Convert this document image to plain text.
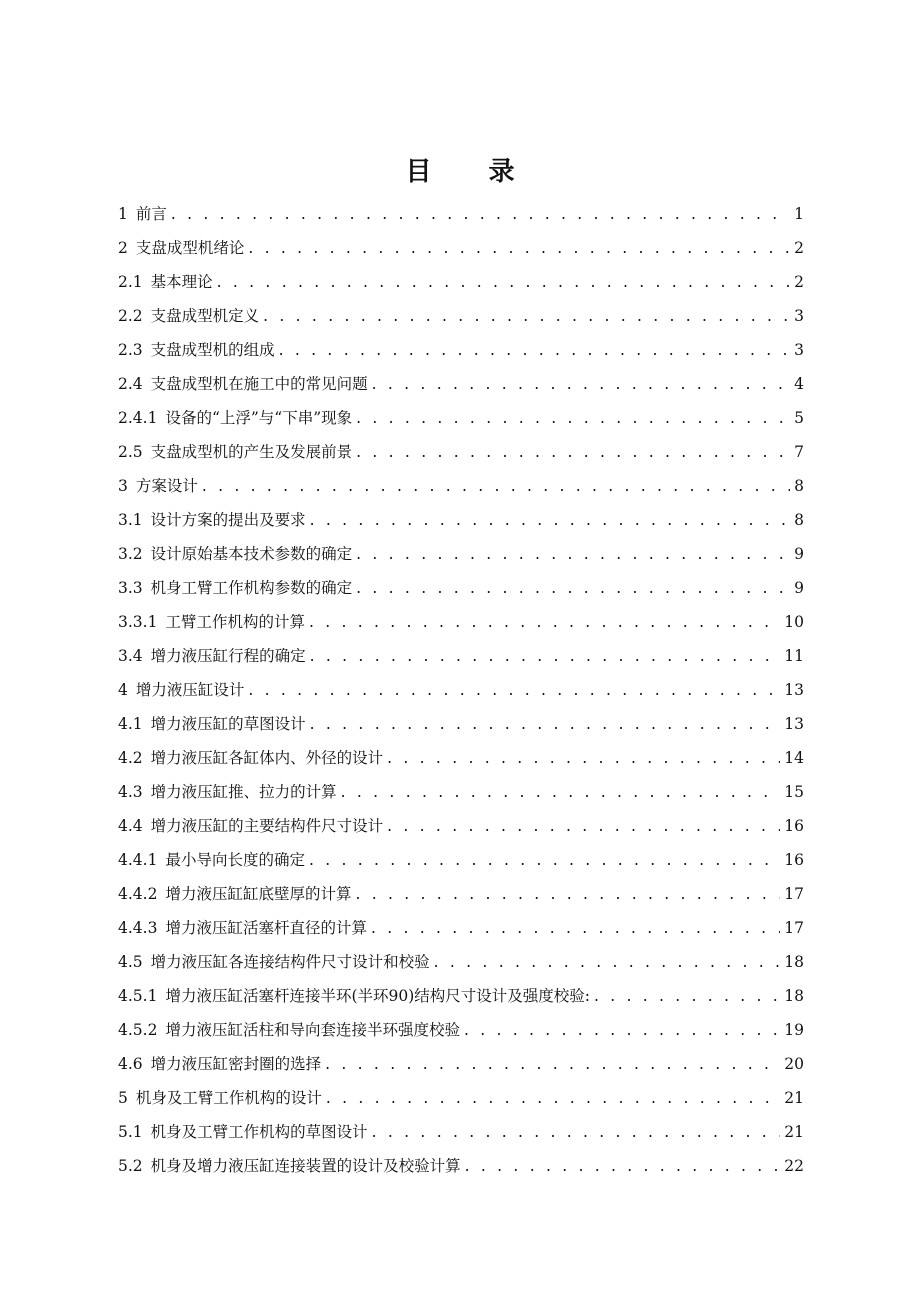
目 录
1 前言 . . .	1
2 支盘成型机绪论 . . .	2
2.1 基本理论 . . .	2
2.2 支盘成型机定义 . . .	3
2.3 支盘成型机的组成 . . .	3
2.4 支盘成型机在施工中的常见问题 . . .	4
2.4.1 设备的“上浮”与“下串”现象 . . .	5
2.5 支盘成型机的产生及发展前景 . . .	7
3 方案设计 . . .	8
3.1 设计方案的提出及要求 . . .	8
3.2 设计原始基本技术参数的确定 . . .	9
3.3 机身工臂工作机构参数的确定 . . .	9
3.3.1 工臂工作机构的计算 . . .	10
3.4 增力液压缸行程的确定 . . .	11
4 增力液压缸设计 . . .	13
4.1 增力液压缸的草图设计 . . .	13
4.2 增力液压缸各缸体内、外径的设计 . . .	14
4.3 增力液压缸推、拉力的计算 . . .	15
4.4 增力液压缸的主要结构件尺寸设计 . . .	16
4.4.1 最小导向长度的确定 . . .	16
4.4.2 增力液压缸缸底壁厚的计算 . . .	17
4.4.3 增力液压缸活塞杆直径的计算 . . .	17
4.5 增力液压缸各连接结构件尺寸设计和校验 . . .	18
4.5.1 增力液压缸活塞杆连接半环(半环90)结构尺寸设计及强度校验: . . .	18
4.5.2 增力液压缸活柱和导向套连接半环强度校验 . . .	19
4.6 增力液压缸密封圈的选择 . . .	20
5 机身及工臂工作机构的设计 . . .	21
5.1 机身及工臂工作机构的草图设计 . . .	21
5.2 机身及增力液压缸连接装置的设计及校验计算 . . .	22
